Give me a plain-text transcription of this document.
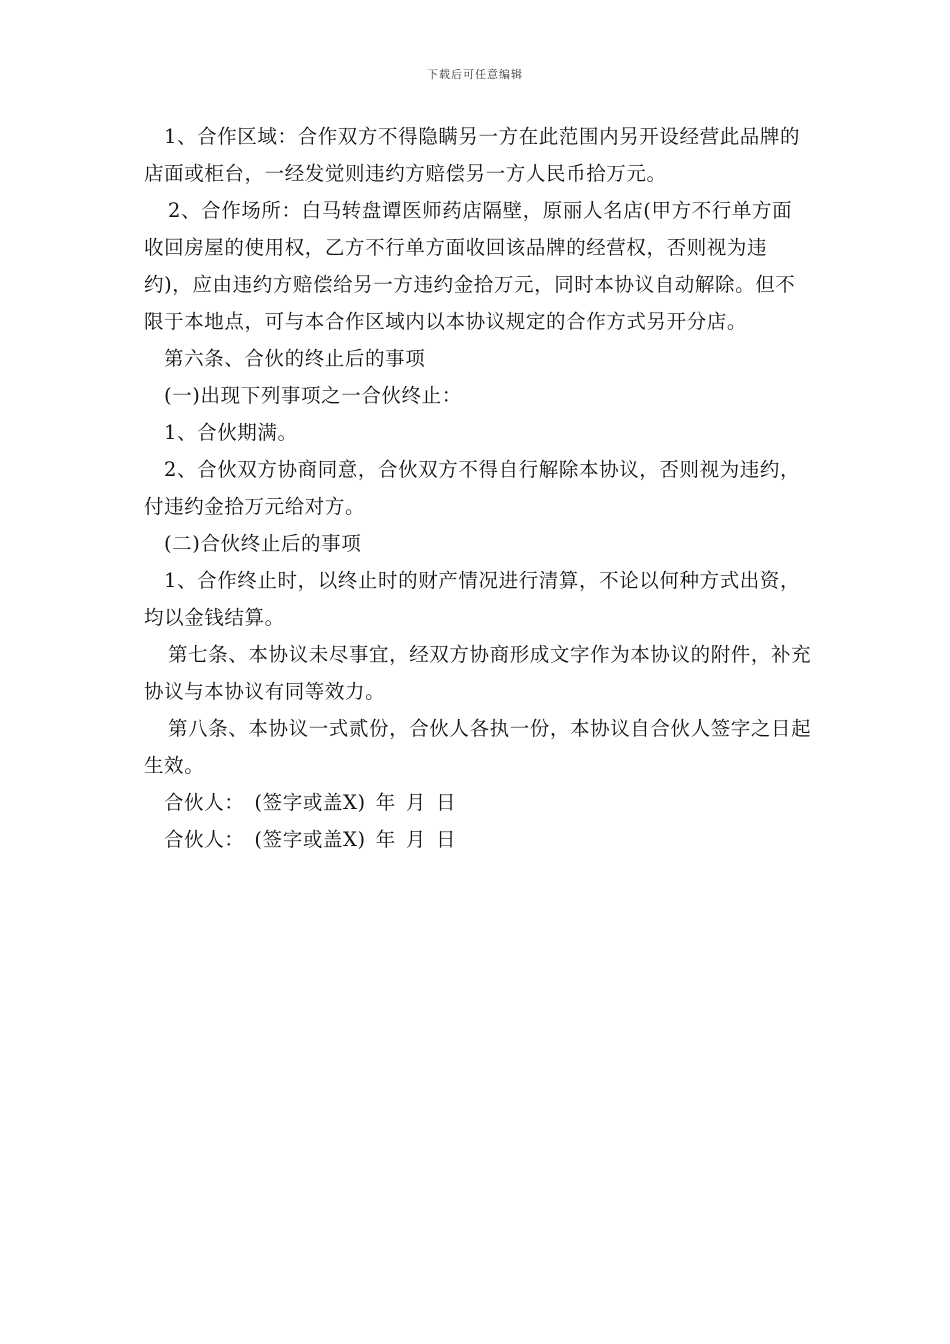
下载后可任意编辑

1、合作区域：合作双方不得隐瞒另一方在此范围内另开设经营此品牌的店面或柜台，一经发觉则违约方赔偿另一方人民币拾万元。

2、合作场所：白马转盘谭医师药店隔壁，原丽人名店(甲方不行单方面收回房屋的使用权，乙方不行单方面收回该品牌的经营权，否则视为违约)，应由违约方赔偿给另一方违约金拾万元，同时本协议自动解除。但不限于本地点，可与本合作区域内以本协议规定的合作方式另开分店。

第六条、合伙的终止后的事项

(一)出现下列事项之一合伙终止：

1、合伙期满。

2、合伙双方协商同意，合伙双方不得自行解除本协议，否则视为违约，付违约金拾万元给对方。

(二)合伙终止后的事项

1、合作终止时，以终止时的财产情况进行清算，不论以何种方式出资，均以金钱结算。

第七条、本协议未尽事宜，经双方协商形成文字作为本协议的附件，补充协议与本协议有同等效力。

第八条、本协议一式贰份，合伙人各执一份，本协议自合伙人签字之日起生效。

合伙人： (签字或盖X) 年 月 日

合伙人： (签字或盖X) 年 月 日
